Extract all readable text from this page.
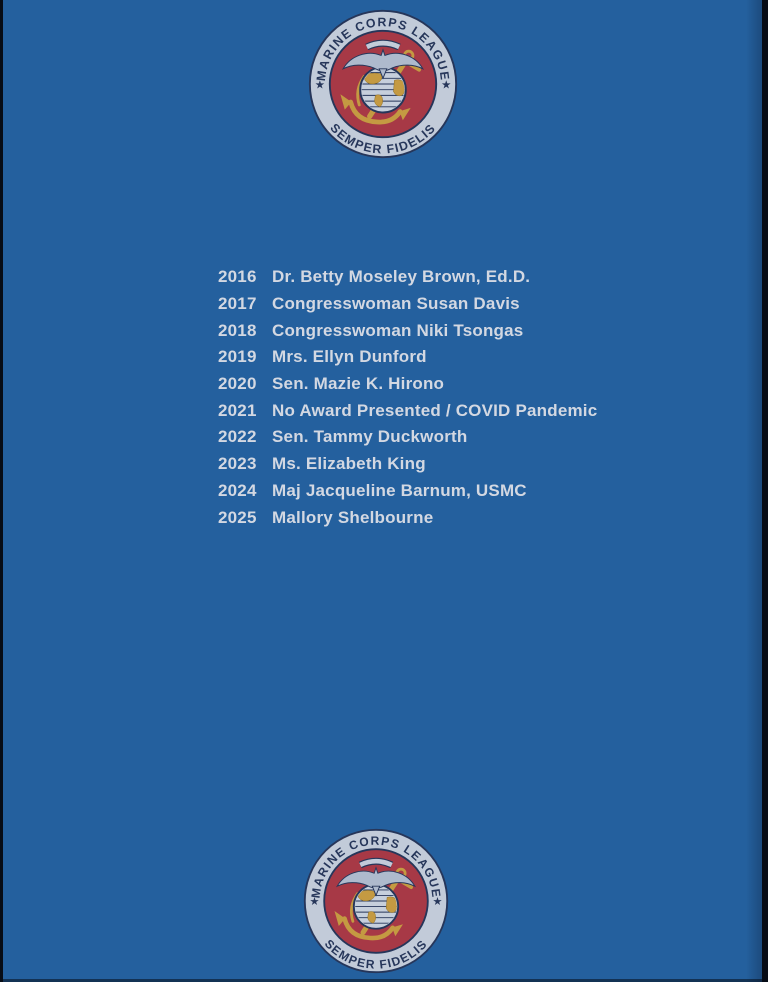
2016 Dr. Betty Moseley Brown, Ed.D.
2017 Congresswoman Susan Davis
2018 Congresswoman Niki Tsongas
2019 Mrs. Ellyn Dunford
2020 Sen. Mazie K. Hirono
2021 No Award Presented / COVID Pandemic
2022 Sen. Tammy Duckworth
2023 Ms. Elizabeth King
2024 Maj Jacqueline Barnum, USMC
2025 Mallory Shelbourne
